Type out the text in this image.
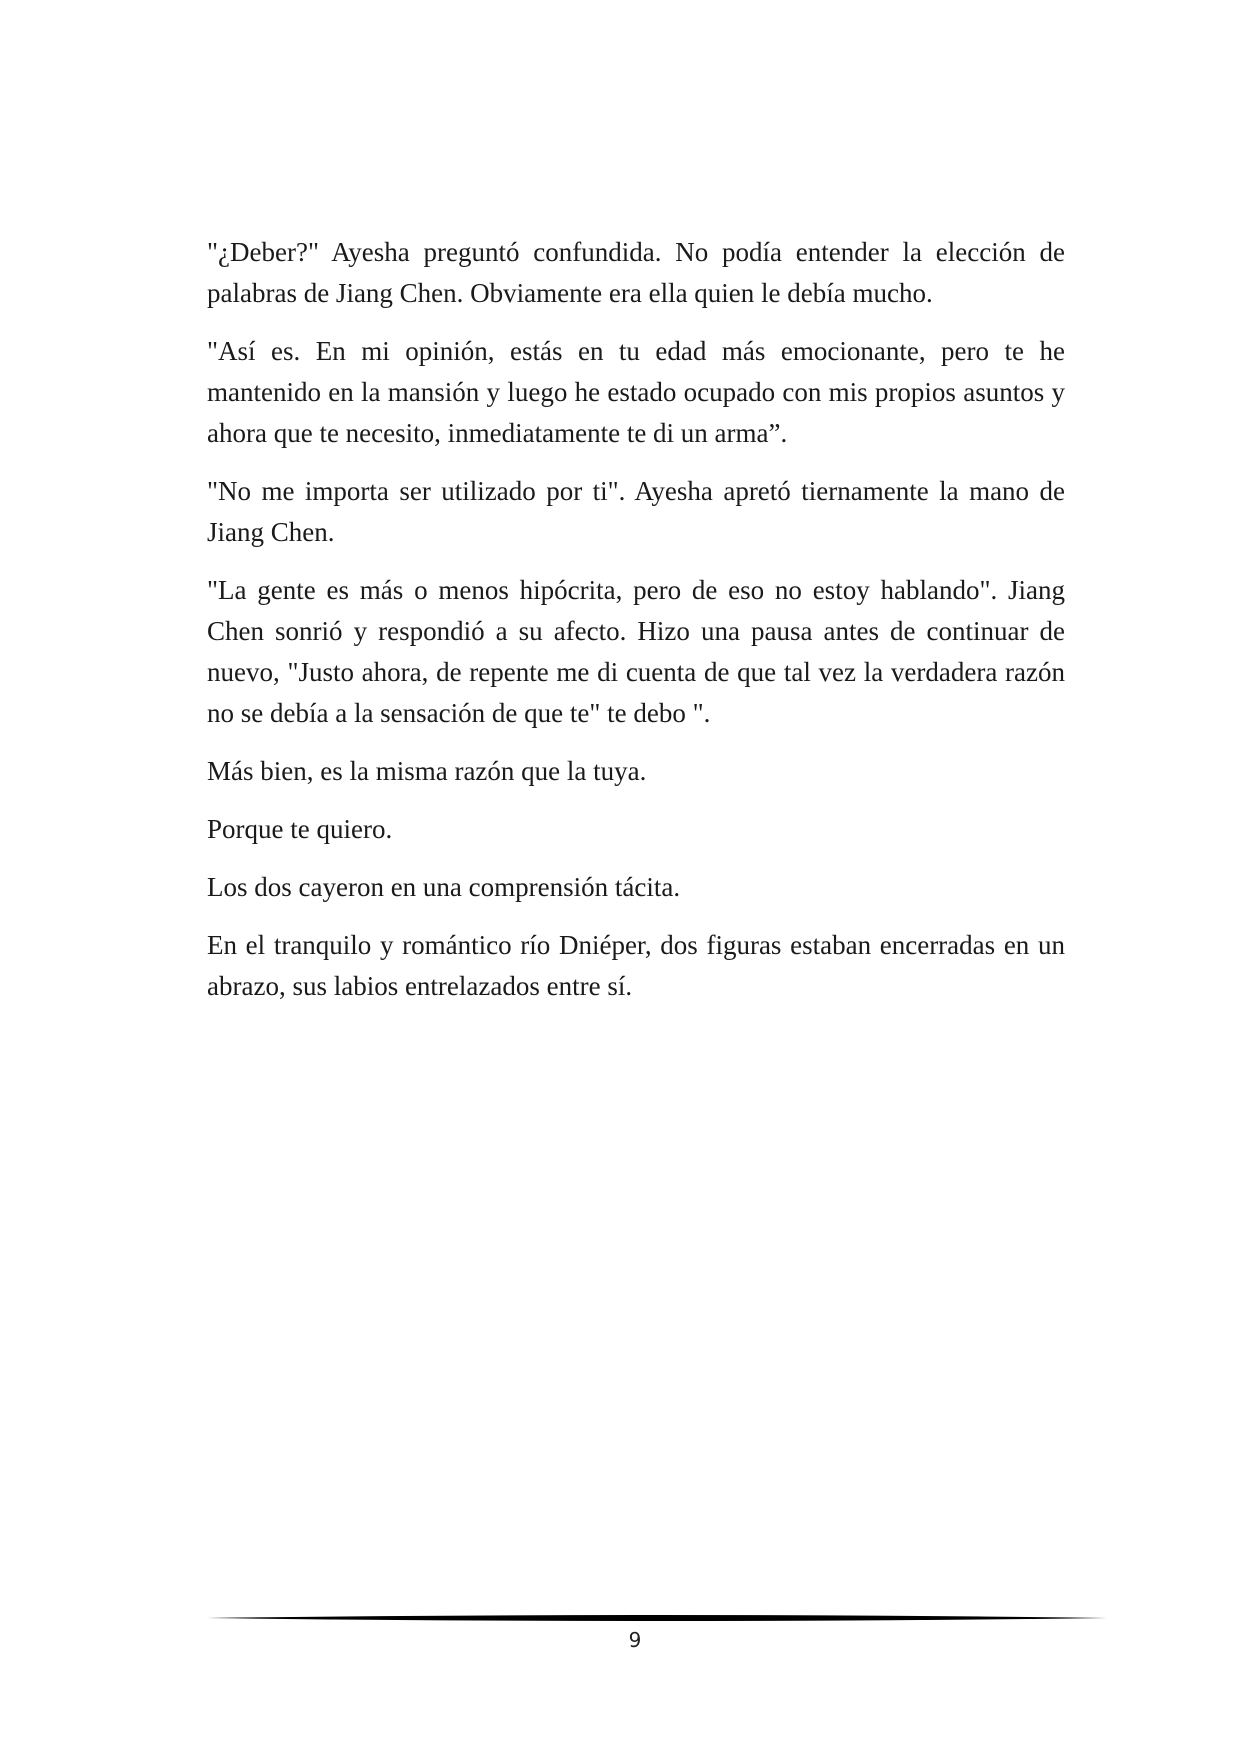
"¿Deber?" Ayesha preguntó confundida. No podía entender la elección de palabras de Jiang Chen. Obviamente era ella quien le debía mucho.

"Así es. En mi opinión, estás en tu edad más emocionante, pero te he mantenido en la mansión y luego he estado ocupado con mis propios asuntos y ahora que te necesito, inmediatamente te di un arma”.

"No me importa ser utilizado por ti". Ayesha apretó tiernamente la mano de Jiang Chen.

"La gente es más o menos hipócrita, pero de eso no estoy hablando". Jiang Chen sonrió y respondió a su afecto. Hizo una pausa antes de continuar de nuevo, "Justo ahora, de repente me di cuenta de que tal vez la verdadera razón no se debía a la sensación de que te" te debo ".

Más bien, es la misma razón que la tuya.

Porque te quiero.

Los dos cayeron en una comprensión tácita.

En el tranquilo y romántico río Dniéper, dos figuras estaban encerradas en un abrazo, sus labios entrelazados entre sí.

9
